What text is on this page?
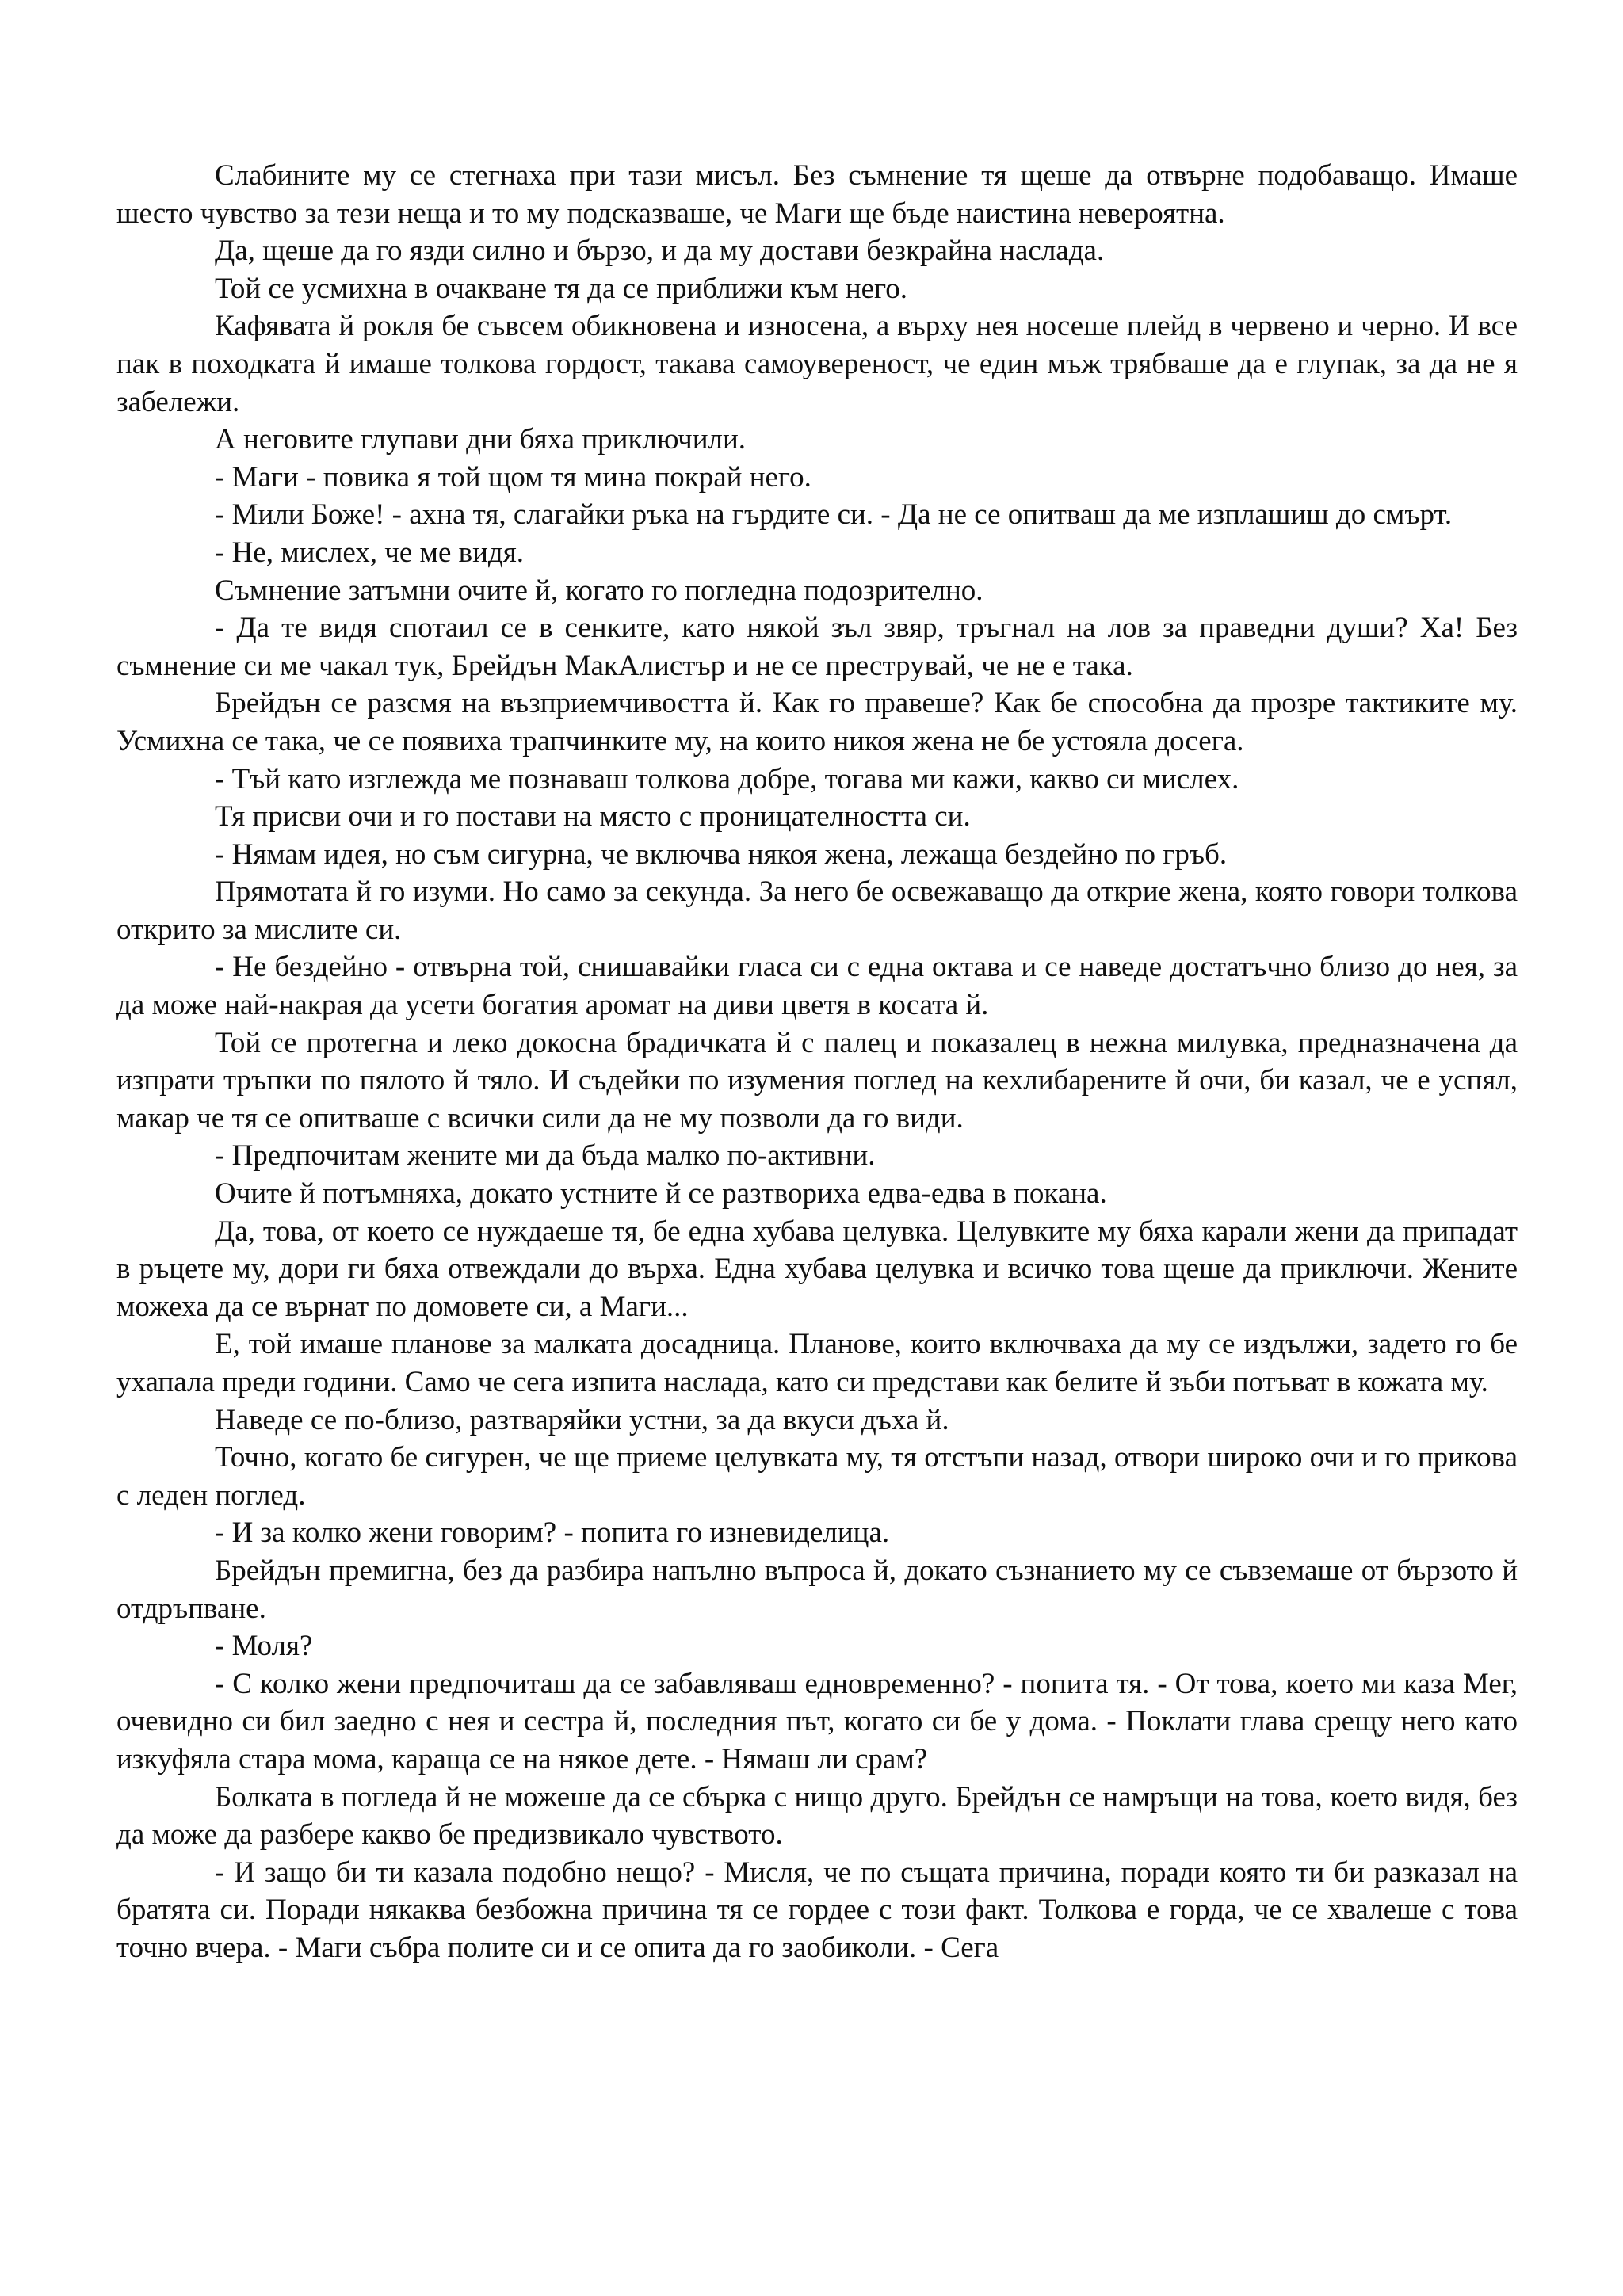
Слабините му се стегнаха при тази мисъл. Без съмнение тя щеше да отвърне подобаващо. Имаше шесто чувство за тези неща и то му подсказваше, че Маги ще бъде наистина невероятна.

Да, щеше да го язди силно и бързо, и да му достави безкрайна наслада.

Той се усмихна в очакване тя да се приближи към него.

Кафявата й рокля бе съвсем обикновена и износена, а върху нея носеше плейд в червено и черно. И все пак в походката й имаше толкова гордост, такава самоувереност, че един мъж трябваше да е глупак, за да не я забележи.

А неговите глупави дни бяха приключили.

- Маги - повика я той щом тя мина покрай него.

- Мили Боже! - ахна тя, слагайки ръка на гърдите си. - Да не се опитваш да ме изплашиш до смърт.

- Не, мислех, че ме видя.

Съмнение затъмни очите й, когато го погледна подозрително.

- Да те видя спотаил се в сенките, като някой зъл звяр, тръгнал на лов за праведни души? Ха! Без съмнение си ме чакал тук, Брейдън МакАлистър и не се преструвай, че не е така.

Брейдън се разсмя на възприемчивостта й. Как го правеше? Как бе способна да прозре тактиките му. Усмихна се така, че се появиха трапчинките му, на които никоя жена не бе устояла досега.

- Тъй като изглежда ме познаваш толкова добре, тогава ми кажи, какво си мислех.

Тя присви очи и го постави на място с проницателността си.

- Нямам идея, но съм сигурна, че включва някоя жена, лежаща бездейно по гръб.

Прямотата й го изуми. Но само за секунда. За него бе освежаващо да открие жена, която говори толкова открито за мислите си.

- Не бездейно - отвърна той, снишавайки гласа си с една октава и се наведе достатъчно близо до нея, за да може най-накрая да усети богатия аромат на диви цветя в косата й.

Той се протегна и леко докосна брадичката й с палец и показалец в нежна милувка, предназначена да изпрати тръпки по пялото й тяло. И съдейки по изумения поглед на кехлибарените й очи, би казал, че е успял, макар че тя се опитваше с всички сили да не му позволи да го види.

- Предпочитам жените ми да бъда малко по-активни.

Очите й потъмняха, докато устните й се разтвориха едва-едва в покана.

Да, това, от което се нуждаеше тя, бе една хубава целувка. Целувките му бяха карали жени да припадат в ръцете му, дори ги бяха отвеждали до върха. Една хубава целувка и всичко това щеше да приключи. Жените можеха да се върнат по домовете си, а Маги...

Е, той имаше планове за малката досадница. Планове, които включваха да му се издължи, задето го бе ухапала преди години. Само че сега изпита наслада, като си представи как белите й зъби потъват в кожата му.

Наведе се по-близо, разтваряйки устни, за да вкуси дъха й.

Точно, когато бе сигурен, че ще приеме целувката му, тя отстъпи назад, отвори широко очи и го прикова с леден поглед.

- И за колко жени говорим? - попита го изневиделица.

Брейдън премигна, без да разбира напълно въпроса й, докато съзнанието му се съвземаше от бързото й отдръпване.

- Моля?

- С колко жени предпочиташ да се забавляваш едновременно? - попита тя. - От това, което ми каза Мег, очевидно си бил заедно с нея и сестра й, последния път, когато си бе у дома. - Поклати глава срещу него като изкуфяла стара мома, караща се на някое дете. - Нямаш ли срам?

Болката в погледа й не можеше да се сбърка с нищо друго. Брейдън се намръщи на това, което видя, без да може да разбере какво бе предизвикало чувството.

- И защо би ти казала подобно нещо? - Мисля, че по същата причина, поради която ти би разказал на братята си. Поради някаква безбожна причина тя се гордее с този факт. Толкова е горда, че се хвалеше с това точно вчера. - Маги събра полите си и се опита да го заобиколи. - Сега
